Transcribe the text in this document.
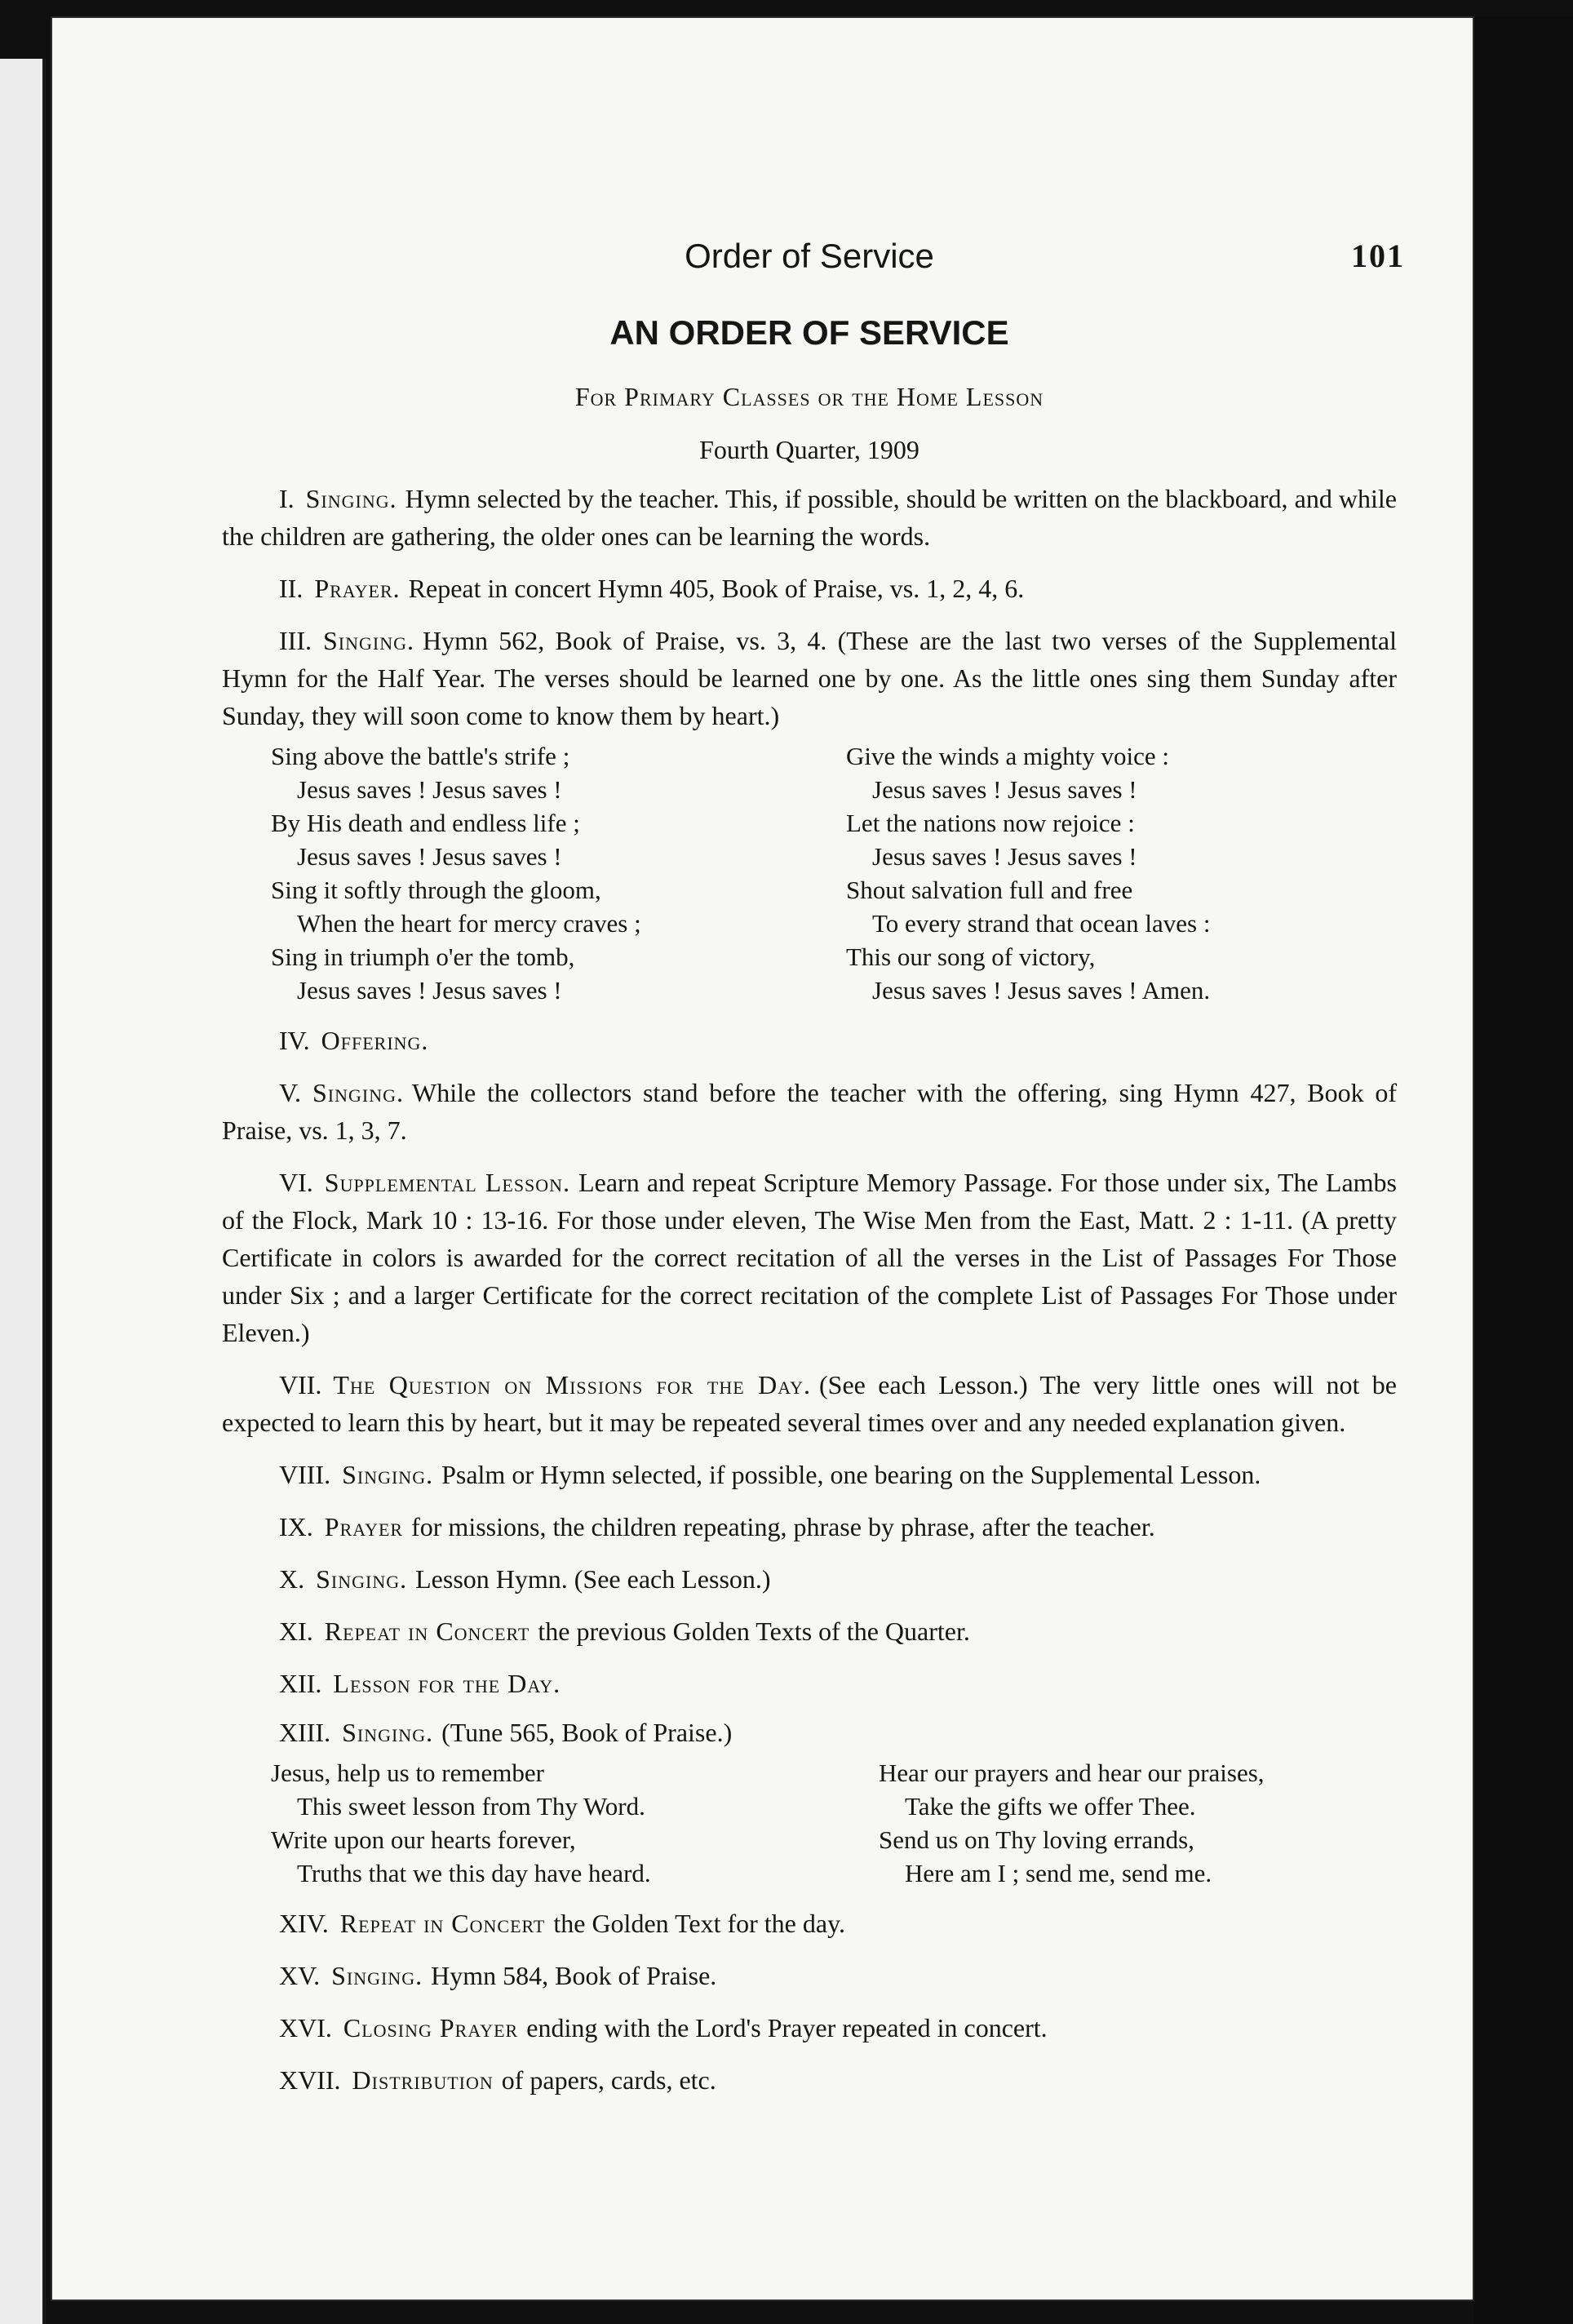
Order of Service	101
AN ORDER OF SERVICE
For Primary Classes or the Home Lesson
Fourth Quarter, 1909

I. Singing. Hymn selected by the teacher. This, if possible, should be written on the blackboard, and while the children are gathering, the older ones can be learning the words.

II. Prayer. Repeat in concert Hymn 405, Book of Praise, vs. 1, 2, 4, 6.

III. Singing. Hymn 562, Book of Praise, vs. 3, 4. (These are the last two verses of the Supplemental Hymn for the Half Year. The verses should be learned one by one. As the little ones sing them Sunday after Sunday, they will soon come to know them by heart.)

Sing above the battle's strife ;
Jesus saves ! Jesus saves !
By His death and endless life ;
Jesus saves ! Jesus saves !
Sing it softly through the gloom,
When the heart for mercy craves ;
Sing in triumph o'er the tomb,
Jesus saves ! Jesus saves !
Give the winds a mighty voice :
Jesus saves ! Jesus saves !
Let the nations now rejoice :
Jesus saves ! Jesus saves !
Shout salvation full and free
To every strand that ocean laves :
This our song of victory,
Jesus saves ! Jesus saves ! Amen.

IV. Offering.

V. Singing. While the collectors stand before the teacher with the offering, sing Hymn 427, Book of Praise, vs. 1, 3, 7.

VI. Supplemental Lesson. Learn and repeat Scripture Memory Passage. For those under six, The Lambs of the Flock, Mark 10 : 13-16. For those under eleven, The Wise Men from the East, Matt. 2 : 1-11. (A pretty Certificate in colors is awarded for the correct recitation of all the verses in the List of Passages For Those under Six ; and a larger Certificate for the correct recitation of the complete List of Passages For Those under Eleven.)

VII. The Question on Missions for the Day. (See each Lesson.) The very little ones will not be expected to learn this by heart, but it may be repeated several times over and any needed explanation given.

VIII. Singing. Psalm or Hymn selected, if possible, one bearing on the Supplemental Lesson.

IX. Prayer for missions, the children repeating, phrase by phrase, after the teacher.

X. Singing. Lesson Hymn. (See each Lesson.)

XI. Repeat in Concert the previous Golden Texts of the Quarter.

XII. Lesson for the Day.

XIII. Singing. (Tune 565, Book of Praise.)
Jesus, help us to remember
This sweet lesson from Thy Word.
Write upon our hearts forever,
Truths that we this day have heard.
Hear our prayers and hear our praises,
Take the gifts we offer Thee.
Send us on Thy loving errands,
Here am I ; send me, send me.

XIV. Repeat in Concert the Golden Text for the day.

XV. Singing. Hymn 584, Book of Praise.

XVI. Closing Prayer ending with the Lord's Prayer repeated in concert.

XVII. Distribution of papers, cards, etc.
